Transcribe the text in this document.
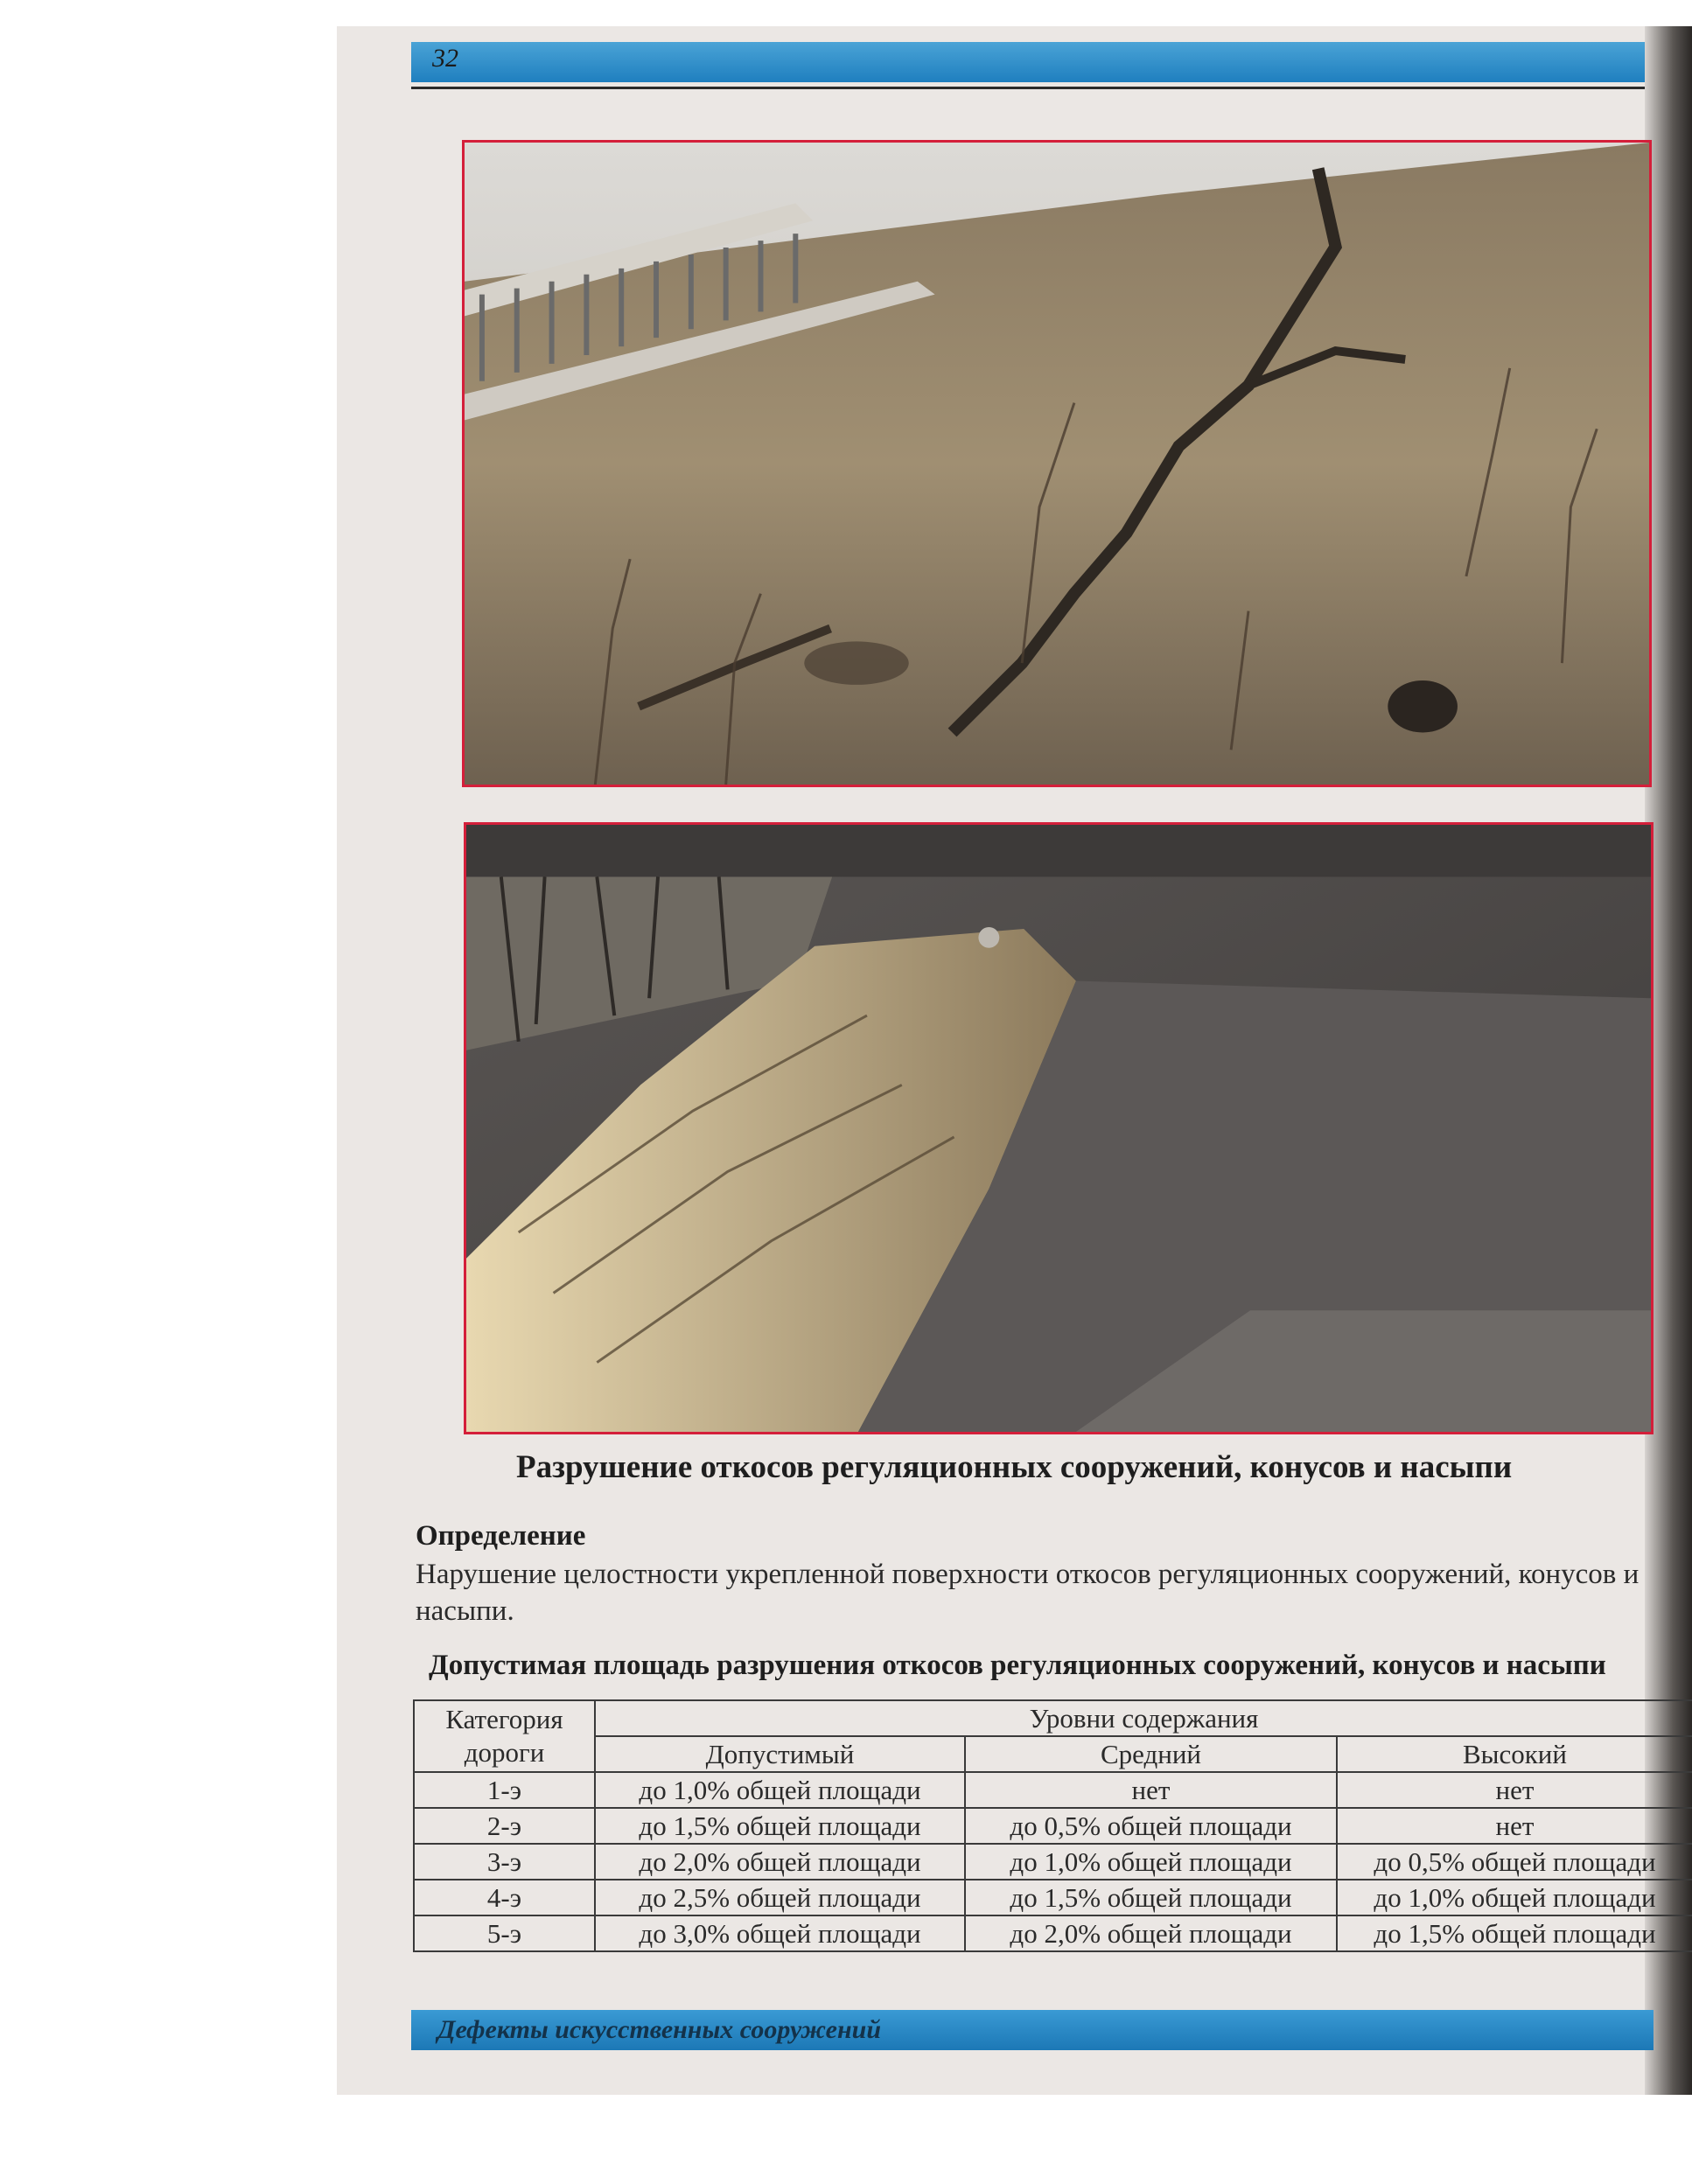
32
Разрушение откосов регуляционных сооружений, конусов и насыпи
Определение
Нарушение целостности укрепленной поверхности откосов регуляционных сооружений, конусов и насыпи.
Допустимая площадь разрушения откосов регуляционных сооружений, конусов и насыпи
Категория дороги	Уровни содержания		
	Допустимый	Средний	Высокий
1-э	до 1,0% общей площади	нет	нет
2-э	до 1,5% общей площади	до 0,5% общей площади	нет
3-э	до 2,0% общей площади	до 1,0% общей площади	до 0,5% общей площади
4-э	до 2,5% общей площади	до 1,5% общей площади	до 1,0% общей площади
5-э	до 3,0% общей площади	до 2,0% общей площади	до 1,5% общей площади
Дефекты искусственных сооружений
